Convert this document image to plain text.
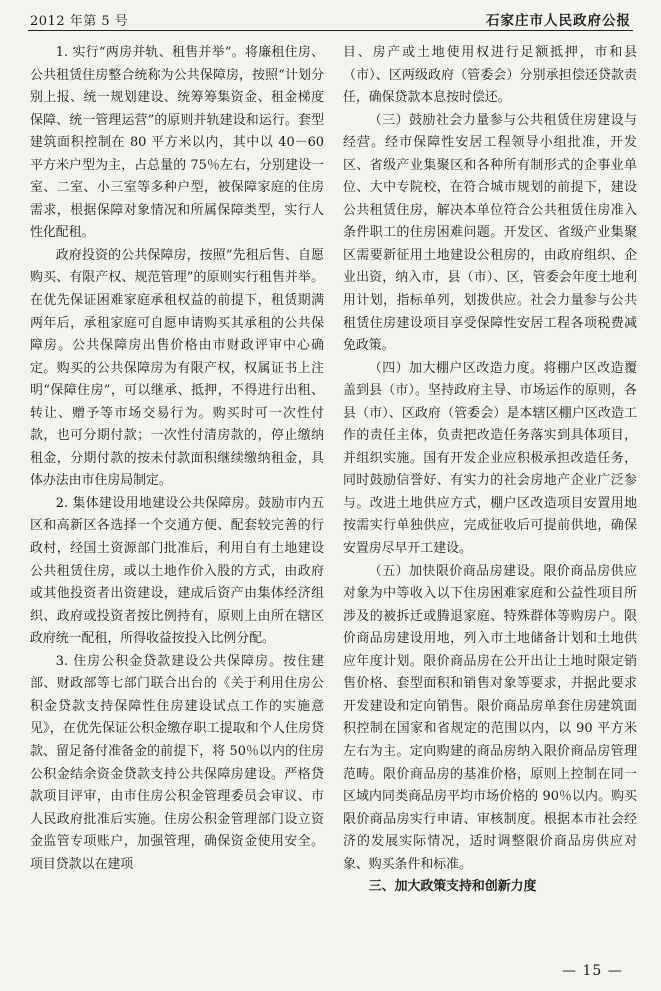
2012 年第 5 号	石家庄市人民政府公报

1. 实行“两房并轨、租售并举”。将廉租住房、公共租赁住房整合统称为公共保障房，按照“计划分别上报、统一规划建设、统筹筹集资金、租金梯度保障、统一管理运营”的原则并轨建设和运行。套型建筑面积控制在 80 平方米以内，其中以 40－60 平方米户型为主，占总量的 75％左右，分别建设一室、二室、小三室等多种户型，被保障家庭的住房需求，根据保障对象情况和所属保障类型，实行人性化配租。

政府投资的公共保障房，按照“先租后售、自愿购买、有限产权、规范管理”的原则实行租售并举。在优先保证困难家庭承租权益的前提下，租赁期满两年后，承租家庭可自愿申请购买其承租的公共保障房。公共保障房出售价格由市财政评审中心确定。购买的公共保障房为有限产权，权属证书上注明“保障住房”，可以继承、抵押，不得进行出租、转让、赠予等市场交易行为。购买时可一次性付款，也可分期付款；一次性付清房款的，停止缴纳租金，分期付款的按未付款面积继续缴纳租金，具体办法由市住房局制定。

2. 集体建设用地建设公共保障房。鼓励市内五区和高新区各选择一个交通方便、配套较完善的行政村，经国土资源部门批准后，利用自有土地建设公共租赁住房，或以土地作价入股的方式，由政府或其他投资者出资建设，建成后资产由集体经济组织、政府或投资者按比例持有，原则上由所在辖区政府统一配租，所得收益按投入比例分配。

3. 住房公积金贷款建设公共保障房。按住建部、财政部等七部门联合出台的《关于利用住房公积金贷款支持保障性住房建设试点工作的实施意见》，在优先保证公积金缴存职工提取和个人住房贷款、留足备付准备金的前提下，将 50％以内的住房公积金结余资金贷款支持公共保障房建设。严格贷款项目评审，由市住房公积金管理委员会审议、市人民政府批准后实施。住房公积金管理部门设立资金监管专项账户，加强管理，确保资金使用安全。项目贷款以在建项

目、房产或土地使用权进行足额抵押，市和县（市）、区两级政府（管委会）分别承担偿还贷款责任，确保贷款本息按时偿还。

（三）鼓励社会力量参与公共租赁住房建设与经营。经市保障性安居工程领导小组批准，开发区、省级产业集聚区和各种所有制形式的企事业单位、大中专院校，在符合城市规划的前提下，建设公共租赁住房，解决本单位符合公共租赁住房准入条件职工的住房困难问题。开发区、省级产业集聚区需要新征用土地建设公租房的，由政府组织、企业出资，纳入市，县（市）、区，管委会年度土地利用计划，指标单列，划拨供应。社会力量参与公共租赁住房建设项目享受保障性安居工程各项税费减免政策。

（四）加大棚户区改造力度。将棚户区改造覆盖到县（市）。坚持政府主导、市场运作的原则，各县（市）、区政府（管委会）是本辖区棚户区改造工作的责任主体，负责把改造任务落实到具体项目，并组织实施。国有开发企业应积极承担改造任务，同时鼓励信誉好、有实力的社会房地产企业广泛参与。改进土地供应方式，棚户区改造项目安置用地按需实行单独供应，完成征收后可提前供地，确保安置房尽早开工建设。

（五）加快限价商品房建设。限价商品房供应对象为中等收入以下住房困难家庭和公益性项目所涉及的被拆迁或腾退家庭、特殊群体等购房户。限价商品房建设用地，列入市土地储备计划和土地供应年度计划。限价商品房在公开出让土地时限定销售价格、套型面积和销售对象等要求，并据此要求开发建设和定向销售。限价商品房单套住房建筑面积控制在国家和省规定的范围以内，以 90 平方米左右为主。定向购建的商品房纳入限价商品房管理范畴。限价商品房的基准价格，原则上控制在同一区域内同类商品房平均市场价格的 90％以内。购买限价商品房实行申请、审核制度。根据本市社会经济的发展实际情况，适时调整限价商品房供应对象、购买条件和标准。

三、加大政策支持和创新力度

— 15 —
